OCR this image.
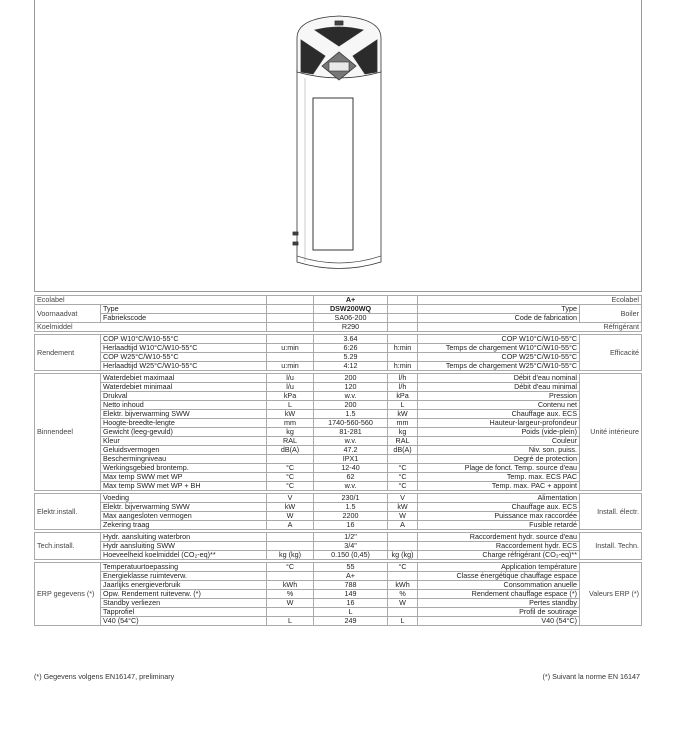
Ecolabel			A+		Ecolabel	
Voornaadvat	Type		DSW200WQ		Type	Boiler
	Fabriekscode		SA06-200		Code de fabrication	
Koelmiddel			R290		Réfrigérant	

Rendement	COP W10°C/W10-55°C		3.64		COP W10°C/W10-55°C	Efficacité
	Herlaadtijd W10°C/W10-55°C	u:min	6:26	h:min	Temps de chargement W10°C/W10-55°C	
	COP W25°C/W10-55°C		5.29		COP W25°C/W10-55°C	
	Herlaadtijd W25°C/W10-55°C	u:min	4:12	h:min	Temps de chargement W25°C/W10-55°C	

Binnendeel	Waterdebiet maximaal	l/u	200	l/h	Débit d'eau nominal	Unité intérieure
	Waterdebiet minimaal	l/u	120	l/h	Débit d'eau minimal	
	Drukval	kPa	w.v.	kPa	Pression	
	Netto inhoud	L	200	L	Contenu net	
	Elektr. bijverwarming SWW	kW	1.5	kW	Chauffage aux. ECS	
	Hoogte-breedte-lengte	mm	1740-560-560	mm	Hauteur-largeur-profondeur	
	Gewicht (leeg-gevuld)	kg	81-281	kg	Poids (vide-plein)	
	Kleur	RAL	w.v.	RAL	Couleur	
	Geluidsvermogen	dB(A)	47.2	dB(A)	Niv. son. puiss.	
	Beschermingniveau		IPX1		Degré de protection	
	Werkingsgebied brontemp.	°C	12-40	°C	Plage de fonct. Temp. source d'eau	
	Max temp SWW met WP	°C	62	°C	Temp. max. ECS PAC	
	Max temp SWW met WP + BH	°C	w.v.	°C	Temp. max. PAC + appoint	

Elektr.install.	Voeding	V	230/1	V	Alimentation	Install. électr.
	Elektr. bijverwarming SWW	kW	1.5	kW	Chauffage aux. ECS	
	Max aangesloten vermogen	W	2200	W	Puissance max raccordée	
	Zekering traag	A	16	A	Fusible retardé	

Tech.install.	Hydr. aansluiting waterbron		1/2"		Raccordement hydr. source d'eau	Install. Techn.
	Hydr aansluiting SWW		3/4"		Raccordement hydr. ECS	
	Hoeveelheid koelmiddel (CO₂-eq)**	kg (kg)	0.150 (0,45)	kg (kg)	Charge réfrigérant (CO₂-eq)**	

ERP gegevens (*)	Temperatuurtoepassing	°C	55	°C	Application température	Valeurs ERP (*)
	Energieklasse ruimteverw.		A+		Classe énergétique chauffage espace	
	Jaarlijks energieverbruik	kWh	788	kWh	Consommation anuelle	
	Opw. Rendement ruiteverw. (*)	%	149	%	Rendement chauffage espace (*)	
	Standby verliezen	W	16	W	Pertes standby	
	Tapprofiel		L		Profil de soutirage	
	V40 (54°C)	L	249	L	V40 (54°C)	
(*) Gegevens volgens EN16147, preliminary	(*) Suivant la norme EN 16147
